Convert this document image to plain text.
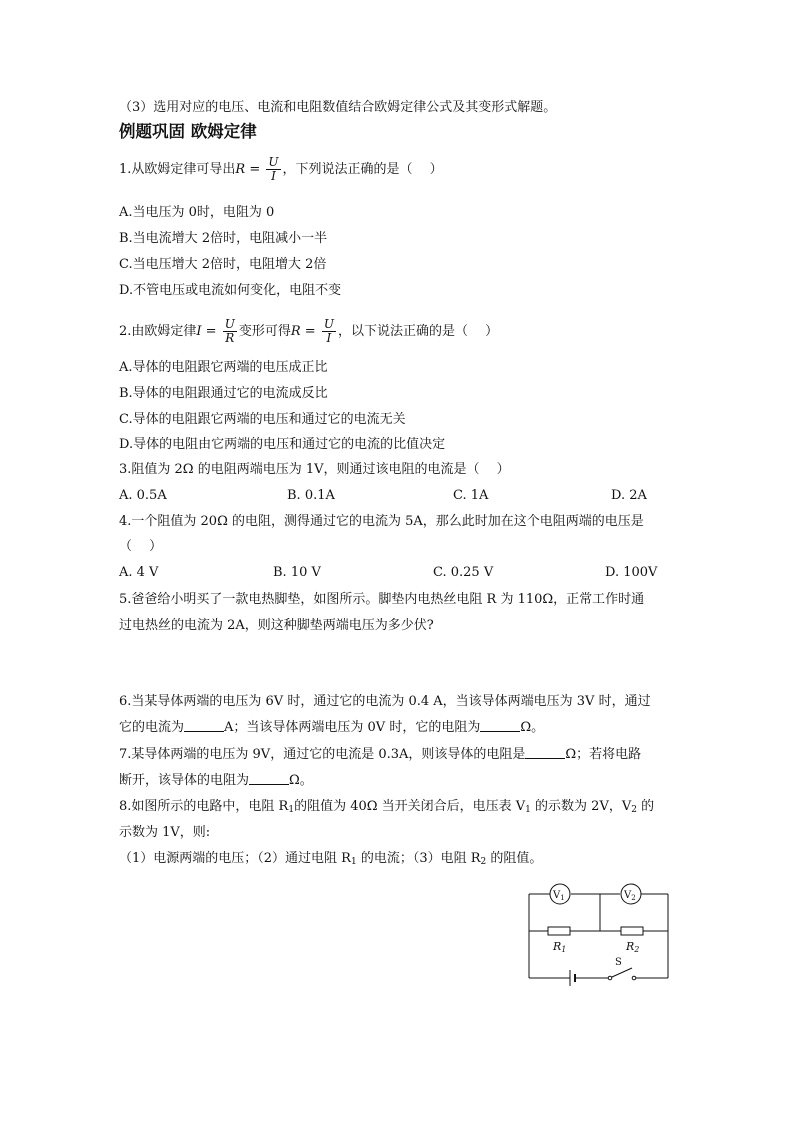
（3）选用对应的电压、电流和电阻数值结合欧姆定律公式及其变形式解题。
例题巩固 欧姆定律
1.从欧姆定律可导出$R = \frac{U}{I}$ ，下列说法正确的是（　 ）
A.当电压为 0时，电阻为 0
B.当电流增大 2倍时，电阻减小一半
C.当电压增大 2倍时，电阻增大 2倍
D.不管电压或电流如何变化，电阻不变
2.由欧姆定律$I = \frac{U}{R}$ 变形可得$R = \frac{U}{I}$ ，以下说法正确的是（　 ）
A.导体的电阻跟它两端的电压成正比
B.导体的电阻跟通过它的电流成反比
C.导体的电阻跟它两端的电压和通过它的电流无关
D.导体的电阻由它两端的电压和通过它的电流的比值决定
3.阻值为 2Ω 的电阻两端电压为 1V，则通过该电阻的电流是（　 ）
A. 0.5A	B. 0.1A	C. 1A	D. 2A
4.一个阻值为 20Ω 的电阻，测得通过它的电流为 5A，那么此时加在这个电阻两端的电压是
（　 ）
A. 4 V	B. 10 V	C. 0.25 V	D. 100V
5.爸爸给小明买了一款电热脚垫，如图所示。脚垫内电热丝电阻 R 为 110Ω，正常工作时通
过电热丝的电流为 2A，则这种脚垫两端电压为多少伏?
6.当某导体两端的电压为 6V 时，通过它的电流为 0.4 A，当该导体两端电压为 3V 时，通过
它的电流为	A；当该导体两端电压为 0V 时，它的电阻为	Ω。
7.某导体两端的电压为 9V，通过它的电流是 0.3A，则该导体的电阻是	Ω；若将电路
断开，该导体的电阻为	Ω。
8.如图所示的电路中，电阻 $R_1$的阻值为 40Ω 当开关闭合后，电压表 $V_1$ 的示数为 2V，$V_2$ 的
示数为 1V，则:
（1）电源两端的电压；（2）通过电阻 $R_1$ 的电流；（3）电阻 $R_2$ 的阻值。
$V_1$	$V_2$
R1	R2
S
